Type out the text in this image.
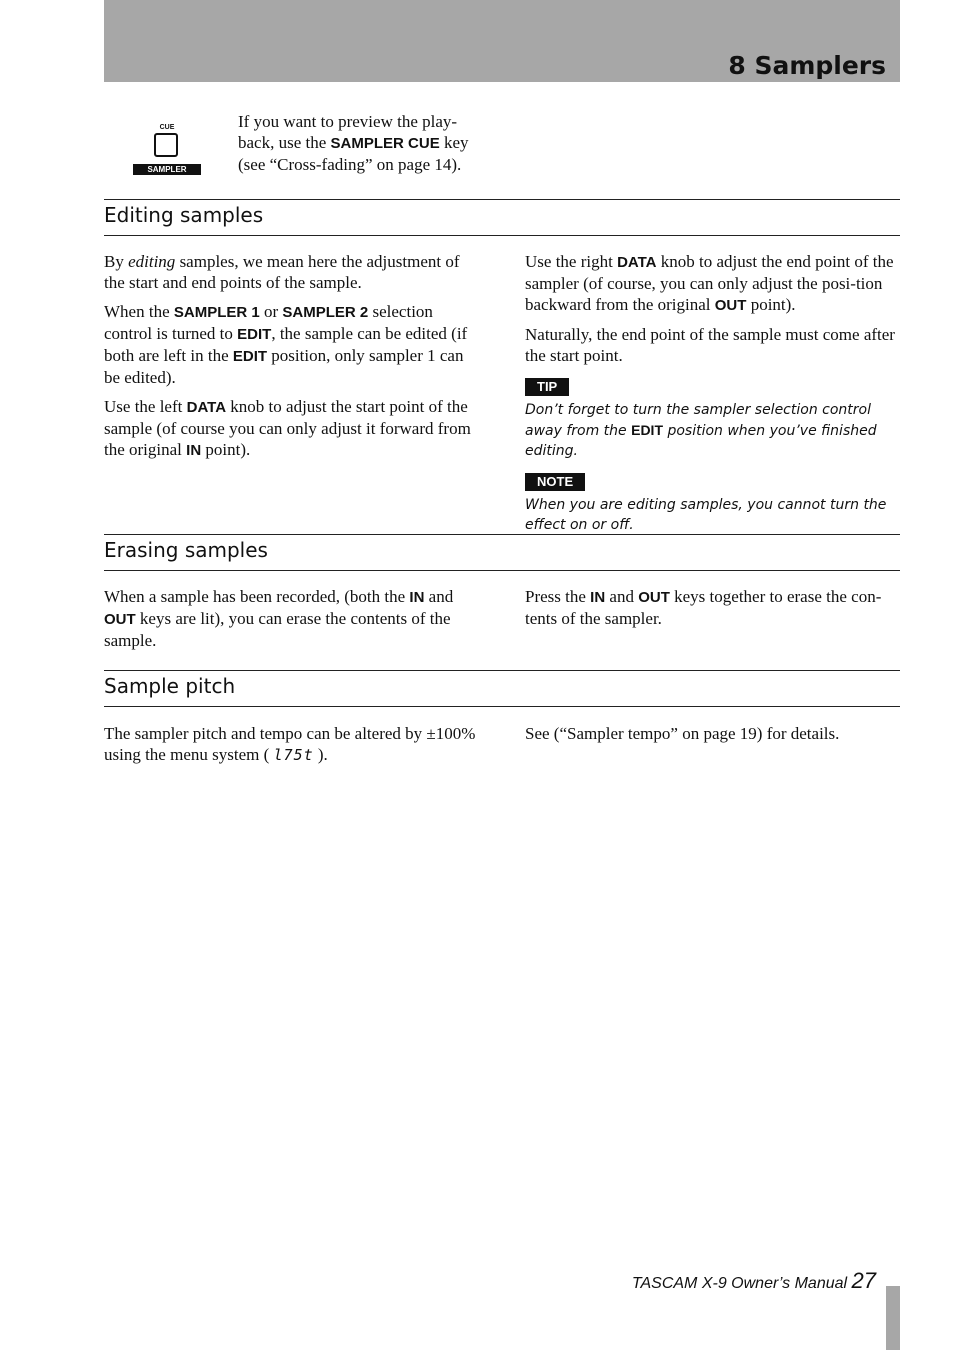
8 Samplers
CUE
SAMPLER

If you want to preview the play-back, use the SAMPLER CUE key (see “Cross-fading” on page 14).

Editing samples

By editing samples, we mean here the adjustment of the start and end points of the sample.

When the SAMPLER 1 or SAMPLER 2 selection control is turned to EDIT, the sample can be edited (if both are left in the EDIT position, only sampler 1 can be edited).

Use the left DATA knob to adjust the start point of the sample (of course you can only adjust it forward from the original IN point).

Use the right DATA knob to adjust the end point of the sampler (of course, you can only adjust the posi-tion backward from the original OUT point).

Naturally, the end point of the sample must come after the start point.

TIP

Don’t forget to turn the sampler selection control away from the EDIT position when you’ve finished editing.

NOTE

When you are editing samples, you cannot turn the effect on or off.

Erasing samples

When a sample has been recorded, (both the IN and OUT keys are lit), you can erase the contents of the sample.

Press the IN and OUT keys together to erase the con-tents of the sampler.

Sample pitch

The sampler pitch and tempo can be altered by ±100% using the menu system ( l75t ).

See (“Sampler tempo” on page 19) for details.

TASCAM X-9 Owner’s Manual 27
